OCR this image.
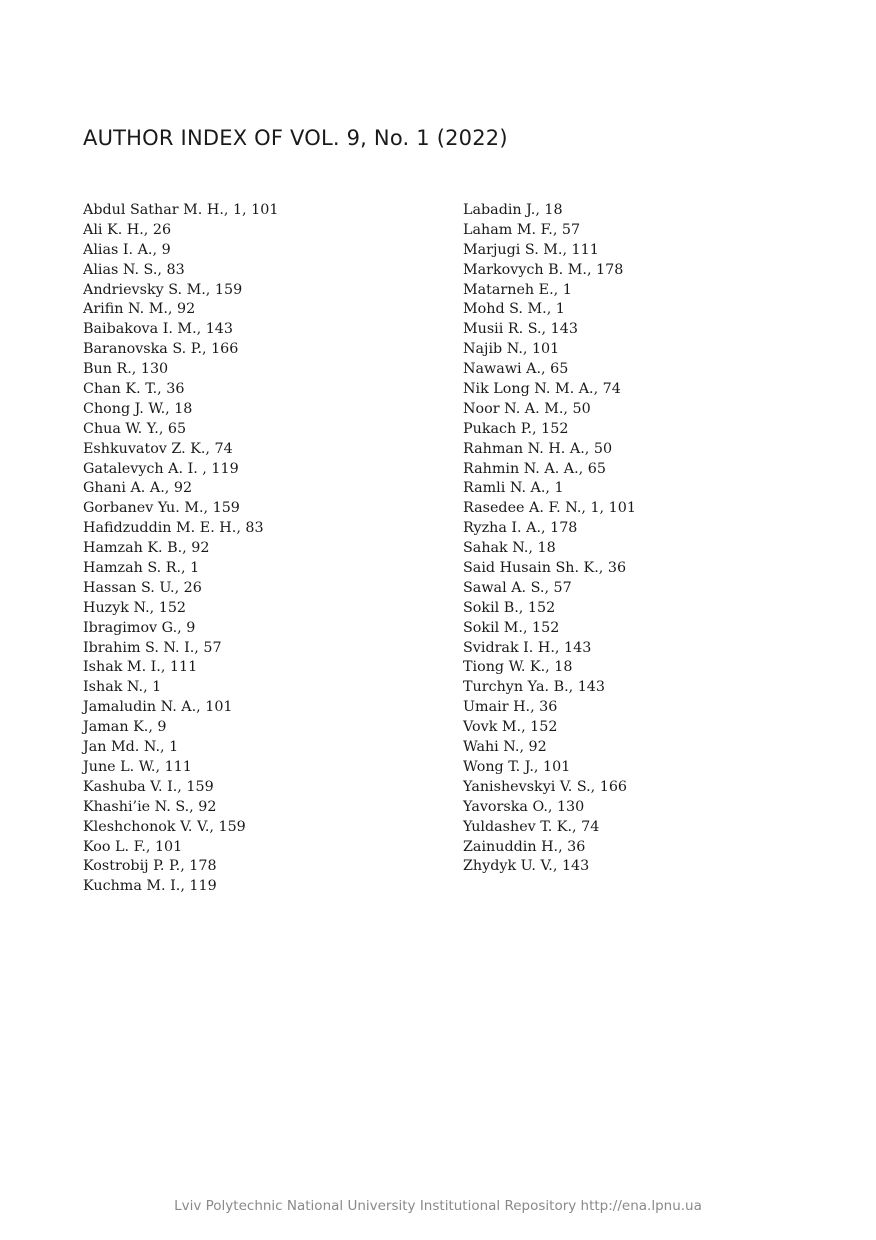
AUTHOR INDEX OF VOL. 9, No. 1 (2022)
Abdul Sathar M. H., 1, 101
Ali K. H., 26
Alias I. A., 9
Alias N. S., 83
Andrievsky S. M., 159
Arifin N. M., 92
Baibakova I. M., 143
Baranovska S. P., 166
Bun R., 130
Chan K. T., 36
Chong J. W., 18
Chua W. Y., 65
Eshkuvatov Z. K., 74
Gatalevych A. I. , 119
Ghani A. A., 92
Gorbanev Yu. M., 159
Hafidzuddin M. E. H., 83
Hamzah K. B., 92
Hamzah S. R., 1
Hassan S. U., 26
Huzyk N., 152
Ibragimov G., 9
Ibrahim S. N. I., 57
Ishak M. I., 111
Ishak N., 1
Jamaludin N. A., 101
Jaman K., 9
Jan Md. N., 1
June L. W., 111
Kashuba V. I., 159
Khashi’ie N. S., 92
Kleshchonok V. V., 159
Koo L. F., 101
Kostrobij P. P., 178
Kuchma M. I., 119
Labadin J., 18
Laham M. F., 57
Marjugi S. M., 111
Markovych B. M., 178
Matarneh E., 1
Mohd S. M., 1
Musii R. S., 143
Najib N., 101
Nawawi A., 65
Nik Long N. M. A., 74
Noor N. A. M., 50
Pukach P., 152
Rahman N. H. A., 50
Rahmin N. A. A., 65
Ramli N. A., 1
Rasedee A. F. N., 1, 101
Ryzha I. A., 178
Sahak N., 18
Said Husain Sh. K., 36
Sawal A. S., 57
Sokil B., 152
Sokil M., 152
Svidrak I. H., 143
Tiong W. K., 18
Turchyn Ya. B., 143
Umair H., 36
Vovk M., 152
Wahi N., 92
Wong T. J., 101
Yanishevskyi V. S., 166
Yavorska O., 130
Yuldashev T. K., 74
Zainuddin H., 36
Zhydyk U. V., 143
Lviv Polytechnic National University Institutional Repository http://ena.lpnu.ua
